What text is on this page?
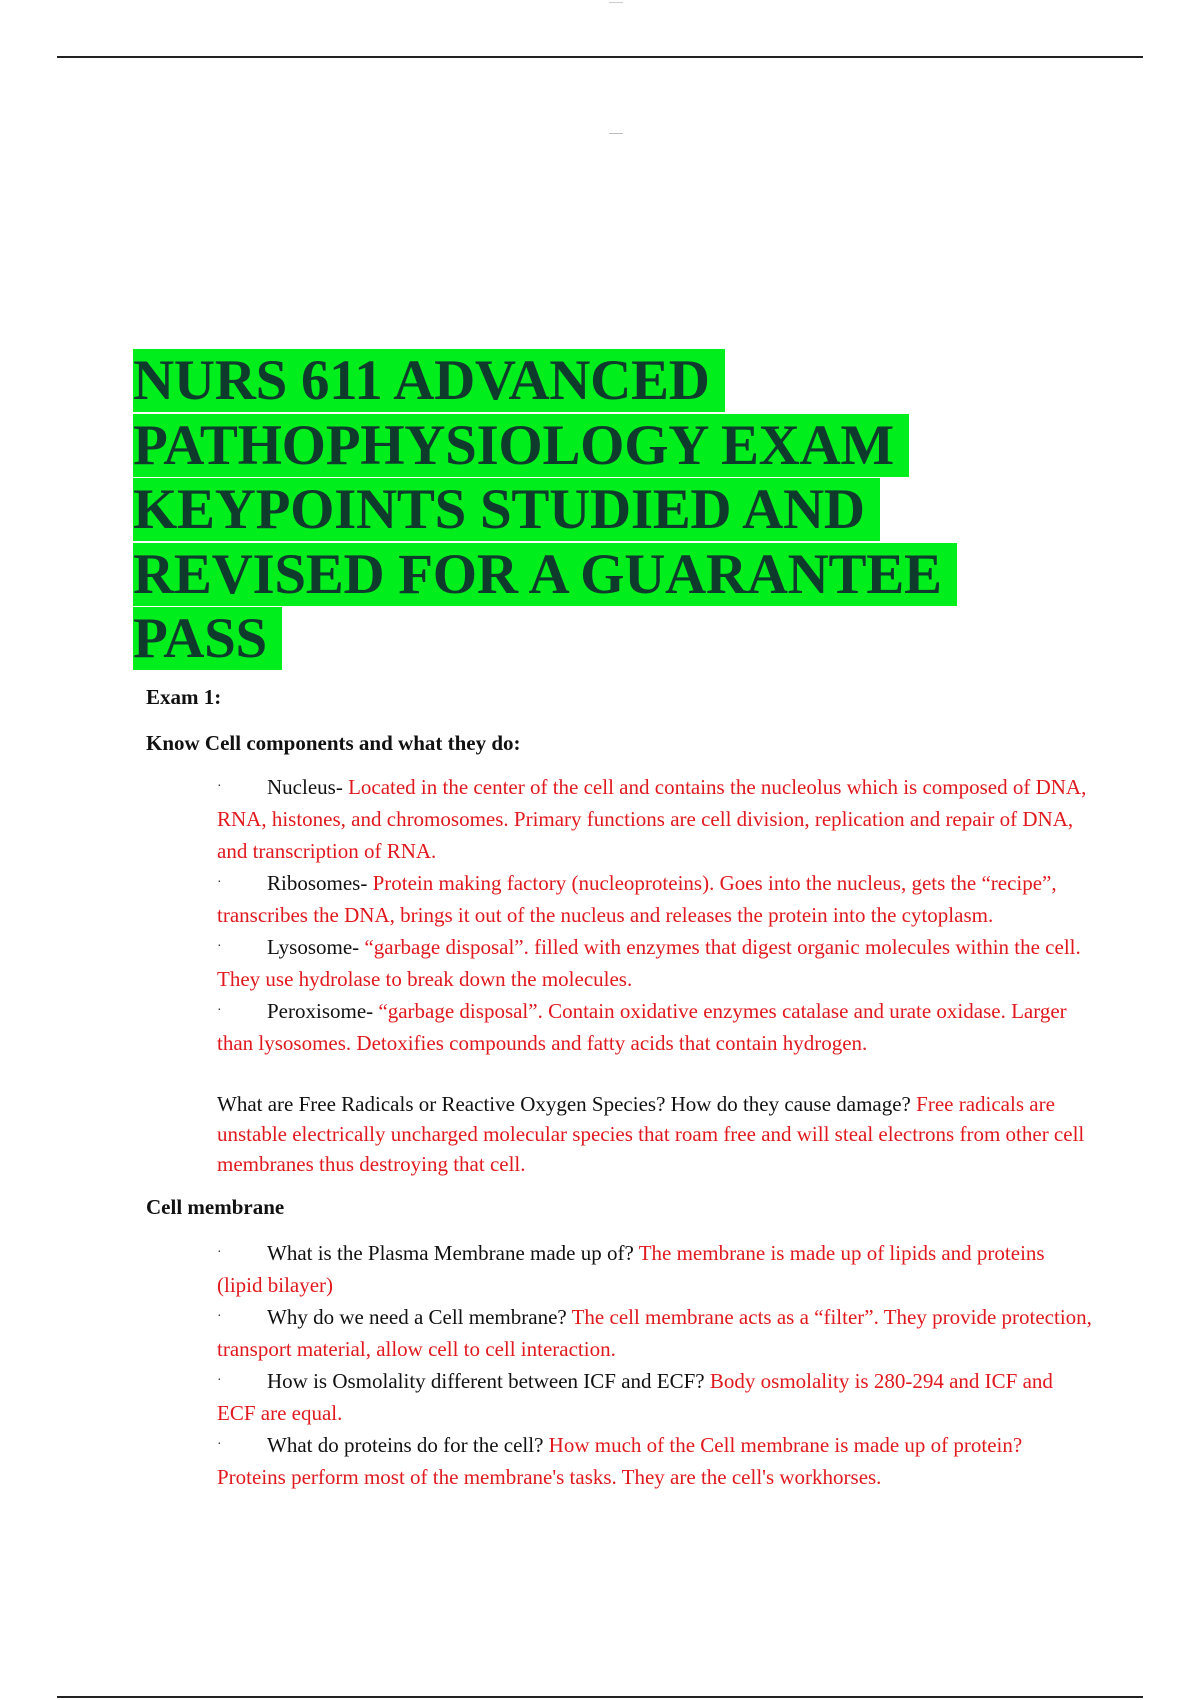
NURS 611 ADVANCED
PATHOPHYSIOLOGY EXAM
KEYPOINTS STUDIED AND
REVISED FOR A GUARANTEE
PASS

Exam 1:

Know Cell components and what they do:

· Nucleus- Located in the center of the cell and contains the nucleolus which is composed of DNA, RNA, histones, and chromosomes. Primary functions are cell division, replication and repair of DNA, and transcription of RNA.
· Ribosomes- Protein making factory (nucleoproteins). Goes into the nucleus, gets the “recipe”, transcribes the DNA, brings it out of the nucleus and releases the protein into the cytoplasm.
· Lysosome- “garbage disposal”. filled with enzymes that digest organic molecules within the cell. They use hydrolase to break down the molecules.
· Peroxisome- “garbage disposal”. Contain oxidative enzymes catalase and urate oxidase. Larger than lysosomes. Detoxifies compounds and fatty acids that contain hydrogen.

What are Free Radicals or Reactive Oxygen Species? How do they cause damage? Free radicals are unstable electrically uncharged molecular species that roam free and will steal electrons from other cell membranes thus destroying that cell.

Cell membrane

· What is the Plasma Membrane made up of? The membrane is made up of lipids and proteins (lipid bilayer)
· Why do we need a Cell membrane? The cell membrane acts as a “filter”. They provide protection, transport material, allow cell to cell interaction.
· How is Osmolality different between ICF and ECF? Body osmolality is 280-294 and ICF and ECF are equal.
· What do proteins do for the cell? How much of the Cell membrane is made up of protein? Proteins perform most of the membrane's tasks. They are the cell's workhorses.
